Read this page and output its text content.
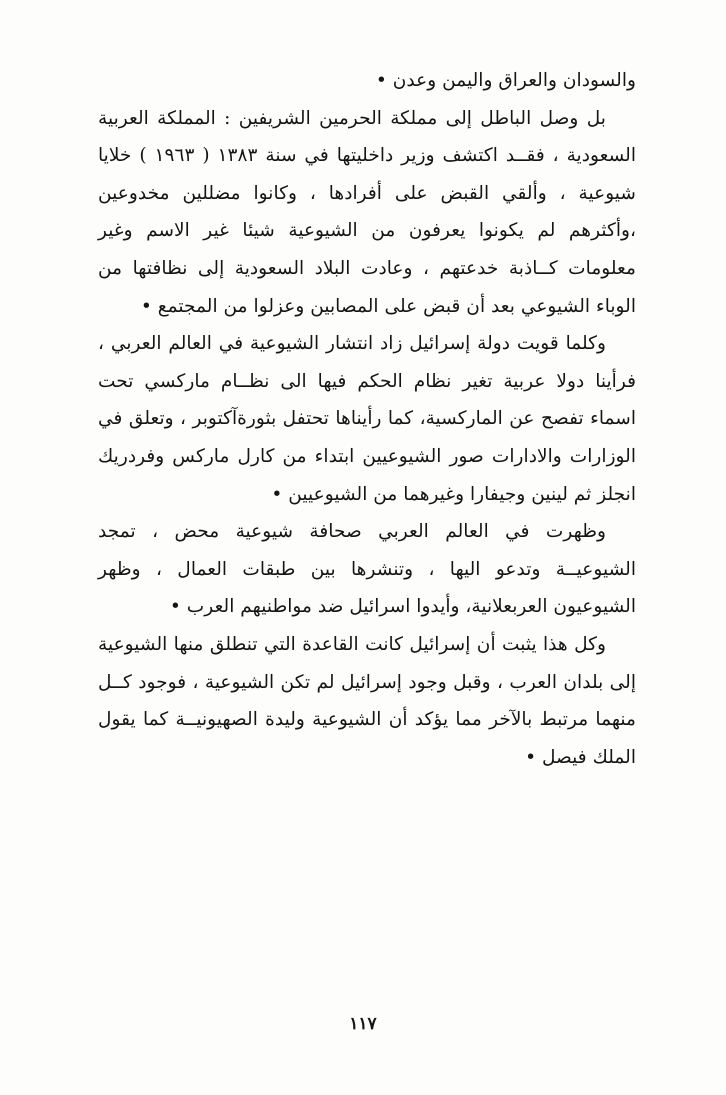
والسودان والعراق واليمن وعدن •

بل وصل الباطل إلى مملكة الحرمين الشريفين : المملكة العربية السعودية ، فقــد اكتشف وزير داخليتها في سنة ١٣٨٣ ( ١٩٦٣ ) خلايا شيوعية ، وألقي القبض على أفرادها ، وكانوا مضللين مخدوعين ،وأكثرهم لم يكونوا يعرفون من الشيوعية شيئا غير الاسم وغير معلومات كــاذبة خدعتهم ، وعادت البلاد السعودية إلى نظافتها من الوباء الشيوعي بعد أن قبض على المصابين وعزلوا من المجتمع •

وكلما قويت دولة إسرائيل زاد انتشار الشيوعية في العالم العربي ، فرأينا دولا عربية تغير نظام الحكم فيها الى نظــام ماركسي تحت اسماء تفصح عن الماركسية، كما رأيناها تحتفل بثورةآكتوبر ، وتعلق في الوزارات والادارات صور الشيوعيين ابتداء من كارل ماركس وفردريك انجلز ثم لينين وجيفارا وغيرهما من الشيوعيين •

وظهرت في العالم العربي صحافة شيوعية محض ، تمجد الشيوعيــة وتدعو اليها ، وتنشرها بين طبقات العمال ، وظهر الشيوعيون العربعلانية، وأيدوا اسرائيل ضد مواطنيهم العرب •

وكل هذا يثبت أن إسرائيل كانت القاعدة التي تنطلق منها الشيوعية إلى بلدان العرب ، وقبل وجود إسرائيل لم تكن الشيوعية ، فوجود كــل منهما مرتبط بالآخر مما يؤكد أن الشيوعية وليدة الصهيونيــة كما يقول الملك فيصل •

١١٧
